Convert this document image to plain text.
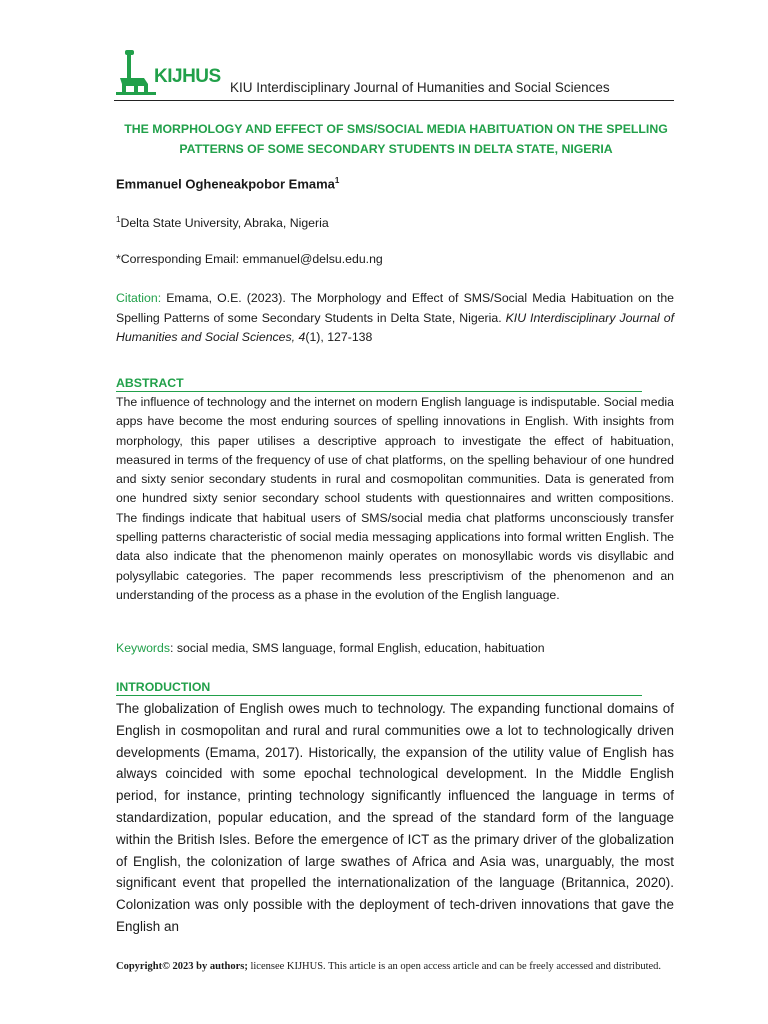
KIJHUS
KIU Interdisciplinary Journal of Humanities and Social Sciences
THE MORPHOLOGY AND EFFECT OF SMS/SOCIAL MEDIA HABITUATION ON THE SPELLING PATTERNS OF SOME SECONDARY STUDENTS IN DELTA STATE, NIGERIA
Emmanuel Ogheneakpobor Emama$^1$
$^1$Delta State University, Abraka, Nigeria
*Corresponding Email: emmanuel@delsu.edu.ng
Citation: Emama, O.E. (2023). The Morphology and Effect of SMS/Social Media Habituation on the Spelling Patterns of some Secondary Students in Delta State, Nigeria. KIU Interdisciplinary Journal of Humanities and Social Sciences, 4(1), 127-138
ABSTRACT
The influence of technology and the internet on modern English language is indisputable. Social media apps have become the most enduring sources of spelling innovations in English. With insights from morphology, this paper utilises a descriptive approach to investigate the effect of habituation, measured in terms of the frequency of use of chat platforms, on the spelling behaviour of one hundred and sixty senior secondary students in rural and cosmopolitan communities. Data is generated from one hundred sixty senior secondary school students with questionnaires and written compositions. The findings indicate that habitual users of SMS/social media chat platforms unconsciously transfer spelling patterns characteristic of social media messaging applications into formal written English. The data also indicate that the phenomenon mainly operates on monosyllabic words vis disyllabic and polysyllabic categories. The paper recommends less prescriptivism of the phenomenon and an understanding of the process as a phase in the evolution of the English language.
Keywords: social media, SMS language, formal English, education, habituation
INTRODUCTION
The globalization of English owes much to technology. The expanding functional domains of English in cosmopolitan and rural and rural communities owe a lot to technologically driven developments (Emama, 2017). Historically, the expansion of the utility value of English has always coincided with some epochal technological development. In the Middle English period, for instance, printing technology significantly influenced the language in terms of standardization, popular education, and the spread of the standard form of the language within the British Isles. Before the emergence of ICT as the primary driver of the globalization of English, the colonization of large swathes of Africa and Asia was, unarguably, the most significant event that propelled the internationalization of the language (Britannica, 2020). Colonization was only possible with the deployment of tech-driven innovations that gave the English an
Copyright© 2023 by authors; licensee KIJHUS. This article is an open access article and can be freely accessed and distributed.
